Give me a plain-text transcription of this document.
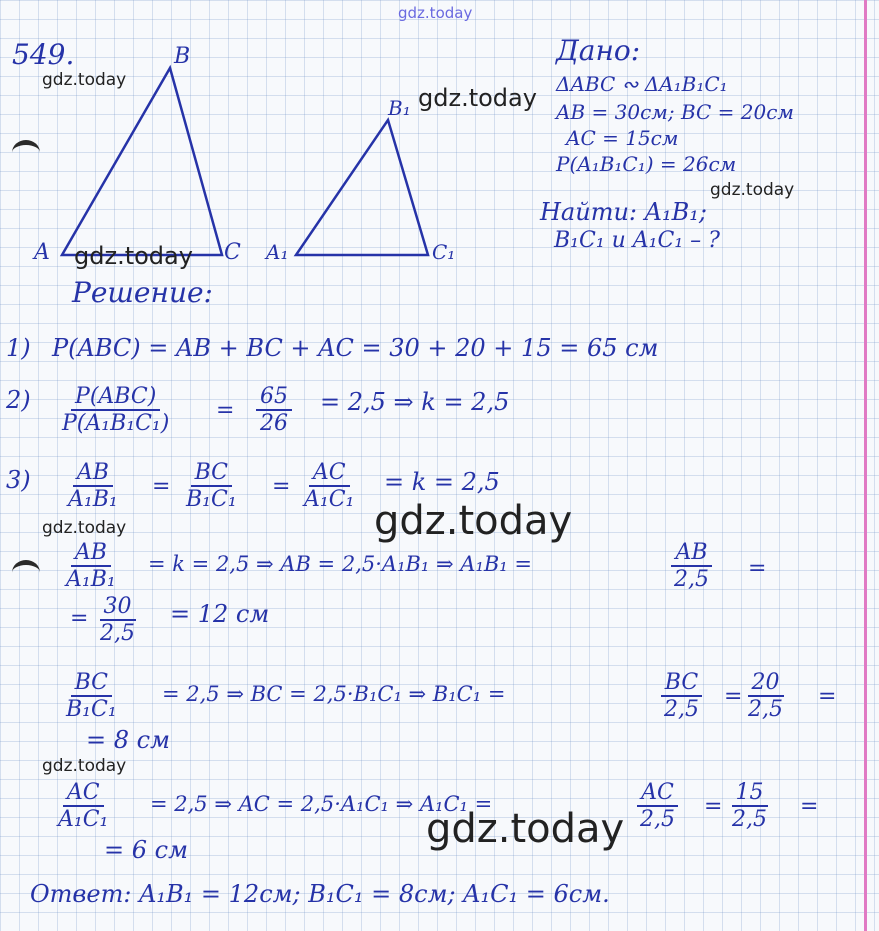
549.	B
A	C
B₁
A₁	C₁
Дано:
ΔABC ∾ ΔA₁B₁C₁
AB = 30см; BC = 20см
AC = 15см
P(A₁B₁C₁) = 26см
Найти: A₁B₁;
B₁C₁ и A₁C₁ – ?
Решение:
1) P(ABC) = AB + BC + AC = 30 + 20 + 15 = 65 см
2) P(ABC)
P(A₁B₁C₁)
= $\frac{65}{26} = 2,5$ ⇒ k = 2,5
$3) \frac{AB}{\text{A₁B₁}} = \frac{BC}{\text{B₁C₁}} = \frac{AC}{\text{A₁C₁}} = k = 2,5$
$\frac{AB}{\text{A₁B₁}} = k = 2,5$ ⇒ AB = 2,5·A₁B₁ ⇒ A₁B₁ =	$\frac{AB}{2,5}$ =
= $\frac{30}{2,5} = 12$ см
$\frac{BC}{\text{B₁C₁}} = 2,5$ ⇒ BC = 2,5·B₁C₁ ⇒ B₁C₁ =	$\frac{BC}{2,5} = \frac{20}{2,5}$ =
= 8 см
$\frac{AC}{\text{A₁C₁}} = 2,5$ ⇒ AC = 2,5·A₁C₁ ⇒ A₁C₁ =	$\frac{AC}{2,5} = \frac{15}{2,5}$ =
= 6 см
Ответ: A₁B₁ = 12см; B₁C₁ = 8см; A₁C₁ = 6см.
gdz.today
gdz.today
gdz.today
gdz.today
gdz.today
gdz.today	gdz.today
gdz.today
gdz.today
